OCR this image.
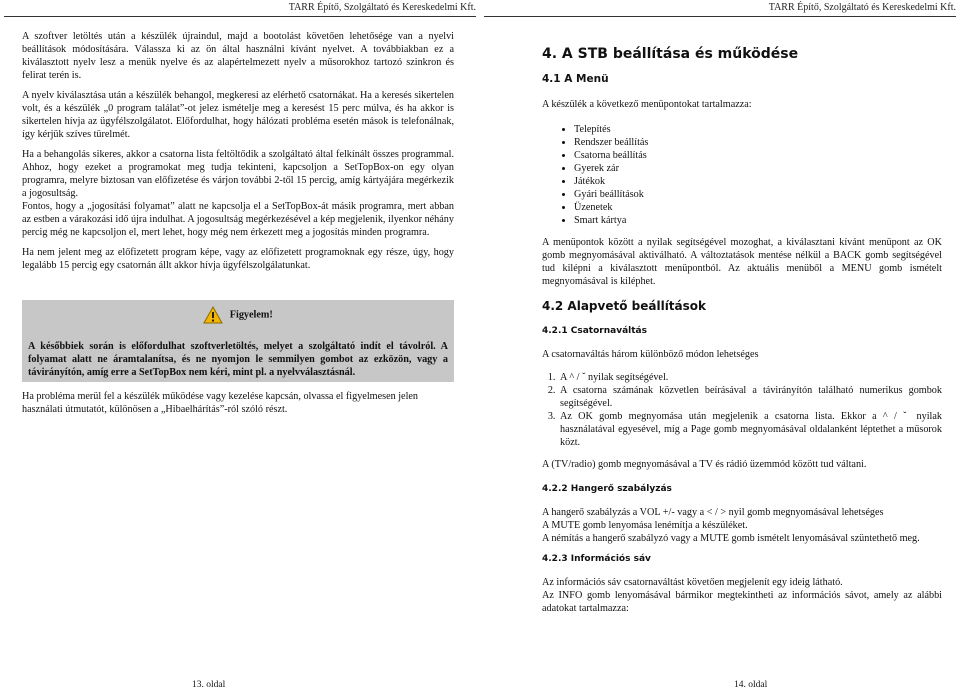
TARR Építő, Szolgáltató és Kereskedelmi Kft.

A szoftver letöltés után a készülék újraindul, majd a bootolást követően lehetősége van a nyelvi beállítások módosítására. Válassza ki az ön által használni kívánt nyelvet. A továbbiakban ez a kiválasztott nyelv lesz a menük nyelve és az alapértelmezett nyelv a műsorokhoz tartozó szinkron és felirat terén is.

A nyelv kiválasztása után a készülék behangol, megkeresi az elérhető csatornákat. Ha a keresés sikertelen volt, és a készülék „0 program találat”-ot jelez ismételje meg a keresést 15 perc múlva, és ha akkor is sikertelen hívja az ügyfélszolgálatot. Előfordulhat, hogy hálózati probléma esetén mások is telefonálnak, így kérjük szíves türelmét.

Ha a behangolás sikeres, akkor a csatorna lista feltöltődik a szolgáltató által felkínált összes programmal. Ahhoz, hogy ezeket a programokat meg tudja tekinteni, kapcsoljon a SetTopBox-on egy olyan programra, melyre biztosan van előfizetése és várjon további 2-től 15 percig, amíg kártyájára megérkezik a jogosultság.

Fontos, hogy a „jogosítási folyamat” alatt ne kapcsolja el a SetTopBox-át másik programra, mert abban az estben a várakozási idő újra indulhat. A jogosultság megérkezésével a kép megjelenik, ilyenkor néhány percig még ne kapcsoljon el, mert lehet, hogy még nem érkezett meg a jogosítás minden programra.

Ha nem jelent meg az előfizetett program képe, vagy az előfizetett programoknak egy része, úgy, hogy legalább 15 percig egy csatornán állt akkor hívja ügyfélszolgálatunkat.

Figyelem!
A későbbiek során is előfordulhat szoftverletöltés, melyet a szolgáltató indít el távolról. A folyamat alatt ne áramtalanítsa, és ne nyomjon le semmilyen gombot az ezközön, vagy a távirányítón, amíg erre a SetTopBox nem kéri, mint pl. a nyelvválasztásnál.

Ha probléma merül fel a készülék működése vagy kezelése kapcsán, olvassa el figyelmesen jelen használati útmutatót, különösen a „Hibaelhárítás”-ról szóló részt.

13. oldal
TARR Építő, Szolgáltató és Kereskedelmi Kft.
4. A STB beállítása és működése
4.1 A Menü

A készülék a következő menüpontokat tartalmazza:

• Telepítés
• Rendszer beállítás
• Csatorna beállítás
• Gyerek zár
• Játékok
• Gyári beállítások
• Üzenetek
• Smart kártya

A menüpontok között a nyilak segítségével mozoghat, a kiválasztani kívánt menüpont az OK gomb megnyomásával aktiválható. A változtatások mentése nélkül a BACK gomb segítségével tud kilépni a kiválasztott menüpontból. Az aktuális menüből a MENU gomb ismételt megnyomásával is kiléphet.

4.2 Alapvető beállítások
4.2.1 Csatornaváltás

A csatornaváltás három különböző módon lehetséges

1. A ^ / ˇ nyilak segítségével.
2. A csatorna számának közvetlen beírásával a távirányítón található numerikus gombok segítségével.
3. Az OK gomb megnyomása után megjelenik a csatorna lista. Ekkor a ^ / ˇ nyilak használatával egyesével, míg a Page gomb megnyomásával oldalanként léptethet a műsorok közt.

A (TV/radio) gomb megnyomásával a TV és rádió üzemmód között tud váltani.

4.2.2 Hangerő szabályzás

A hangerő szabályzás a VOL +/- vagy a < / > nyil gomb megnyomásával lehetséges
A MUTE gomb lenyomása lenémítja a készüléket.
A némítás a hangerő szabályzó vagy a MUTE gomb ismételt lenyomásával szüntethető meg.

4.2.3 Információs sáv

Az információs sáv csatornaváltást követően megjelenít egy ideig látható.
Az INFO gomb lenyomásával bármikor megtekintheti az információs sávot, amely az alábbi adatokat tartalmazza:

14. oldal
